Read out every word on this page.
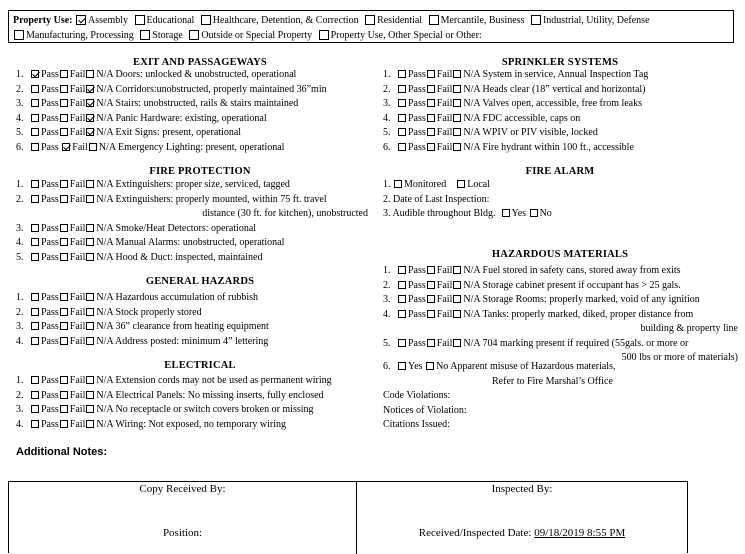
Property Use: Assembly Educational Healthcare, Detention, & Correction Residential Mercantile, Business Industrial, Utility, Defense Manufacturing, Processing Storage Outside or Special Property Property Use, Other Special or Other:
EXIT AND PASSAGEWAYS
1. Pass Fail N/A Doors: unlocked & unobstructed, operational
2. Pass Fail N/A Corridors:unobstructed, properly maintained 36”min
3. Pass Fail N/A Stairs: unobstructed, rails & stairs maintained
4. Pass Fail N/A Panic Hardware: existing, operational
5. Pass Fail N/A Exit Signs: present, operational
6. Pass Fail N/A Emergency Lighting: present, operational
FIRE PROTECTION
1. Pass Fail N/A Extinguishers: proper size, serviced, tagged
2. Pass Fail N/A Extinguishers: properly mounted, within 75 ft. travel
distance (30 ft. for kitchen), unobstructed
3. Pass Fail N/A Smoke/Heat Detectors: operational
4. Pass Fail N/A Manual Alarms: unobstructed, operational
5. Pass Fail N/A Hood & Duct: inspected, maintained
GENERAL HAZARDS
1. Pass Fail N/A Hazardous accumulation of rubbish
2. Pass Fail N/A Stock properly stored
3. Pass Fail N/A 36” clearance from heating equipment
4. Pass Fail N/A Address posted: minimum 4” lettering
ELECTRICAL
1. Pass Fail N/A Extension cords may not be used as permanent wiring
2. Pass Fail N/A Electrical Panels: No missing inserts, fully enclosed
3. Pass Fail N/A No receptacle or switch covers broken or missing
4. Pass Fail N/A Wiring: Not exposed, no temporary wiring
SPRINKLER SYSTEMS
1. Pass Fail N/A System in service, Annual Inspection Tag
2. Pass Fail N/A Heads clear (18” vertical and horizontal)
3. Pass Fail N/A Valves open, accessible, free from leaks
4. Pass Fail N/A FDC accessible, caps on
5. Pass Fail N/A WPIV or PIV visible, locked
6. Pass Fail N/A Fire hydrant within 100 ft., accessible
FIRE ALARM
1. Monitored Local
2. Date of Last Inspection:
3. Audible throughout Bldg. Yes No
HAZARDOUS MATERIALS
1. Pass Fail N/A Fuel stored in safety cans, stored away from exits
2. Pass Fail N/A Storage cabinet present if occupant has > 25 gals.
3. Pass Fail N/A Storage Rooms: properly marked, void of any ignition
4. Pass Fail N/A Tanks: properly marked, diked, proper distance from
building & property line
5. Pass Fail N/A 704 marking present if required (55gals. or more or
500 lbs or more of materials)
6. Yes No Apparent misuse of Hazardous materials,
Refer to Fire Marshal’s Office
Code Violations:
Notices of Violation:
Citations Issued:
Additional Notes:
Copy Received By:
Position:
Inspected By:
Received/Inspected Date: 09/18/2019 8:55 PM
